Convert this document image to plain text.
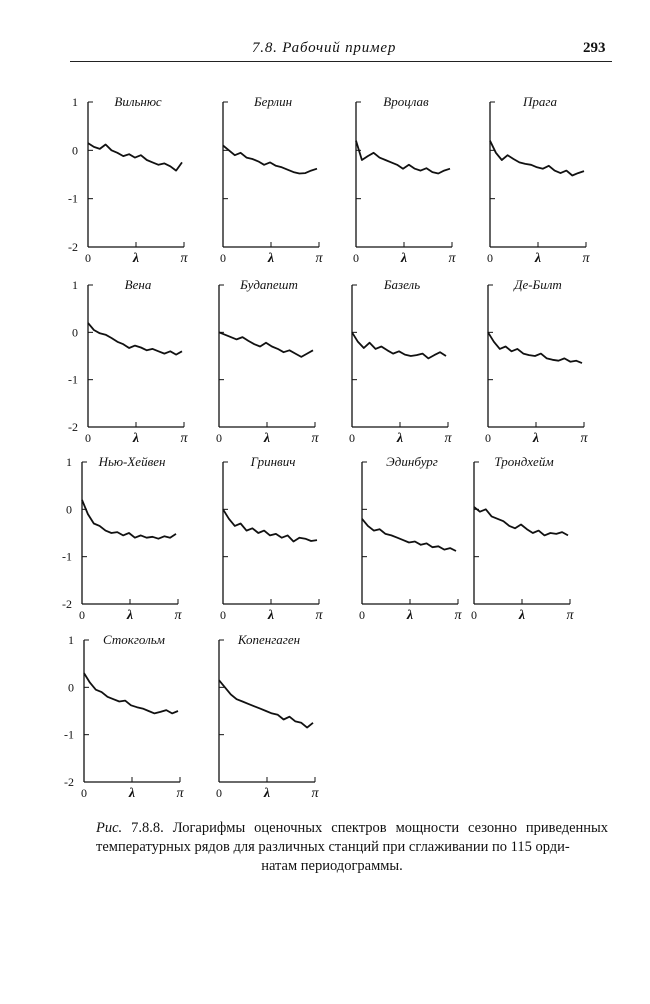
7.8. Рабочий пример	293
1
0
-1
-2
0	λ	π
Вильнюс
0	λ	π
Берлин
0	λ	π
Вроцлав
0	λ	π
Прага
1
0
-1
-2
0	λ	π
Вена
0	λ	π
Будапешт
0	λ	π
Базель
0	λ	π
Де-Билт
1
0
-1
-2
0	λ	π
Нью-Хейвен
0	λ	π
Гринвич
0	λ	π
Эдинбург
0	λ	π
Трондхейм
1
0
-1
-2
0	λ	π
Стокгольм
0	λ	π
Копенгаген
Рис. 7.8.8. Логарифмы оценочных спектров мощности сезонно приведенных температурных рядов для различных станций при сглаживании по 115 орди-
натам периодограммы.
